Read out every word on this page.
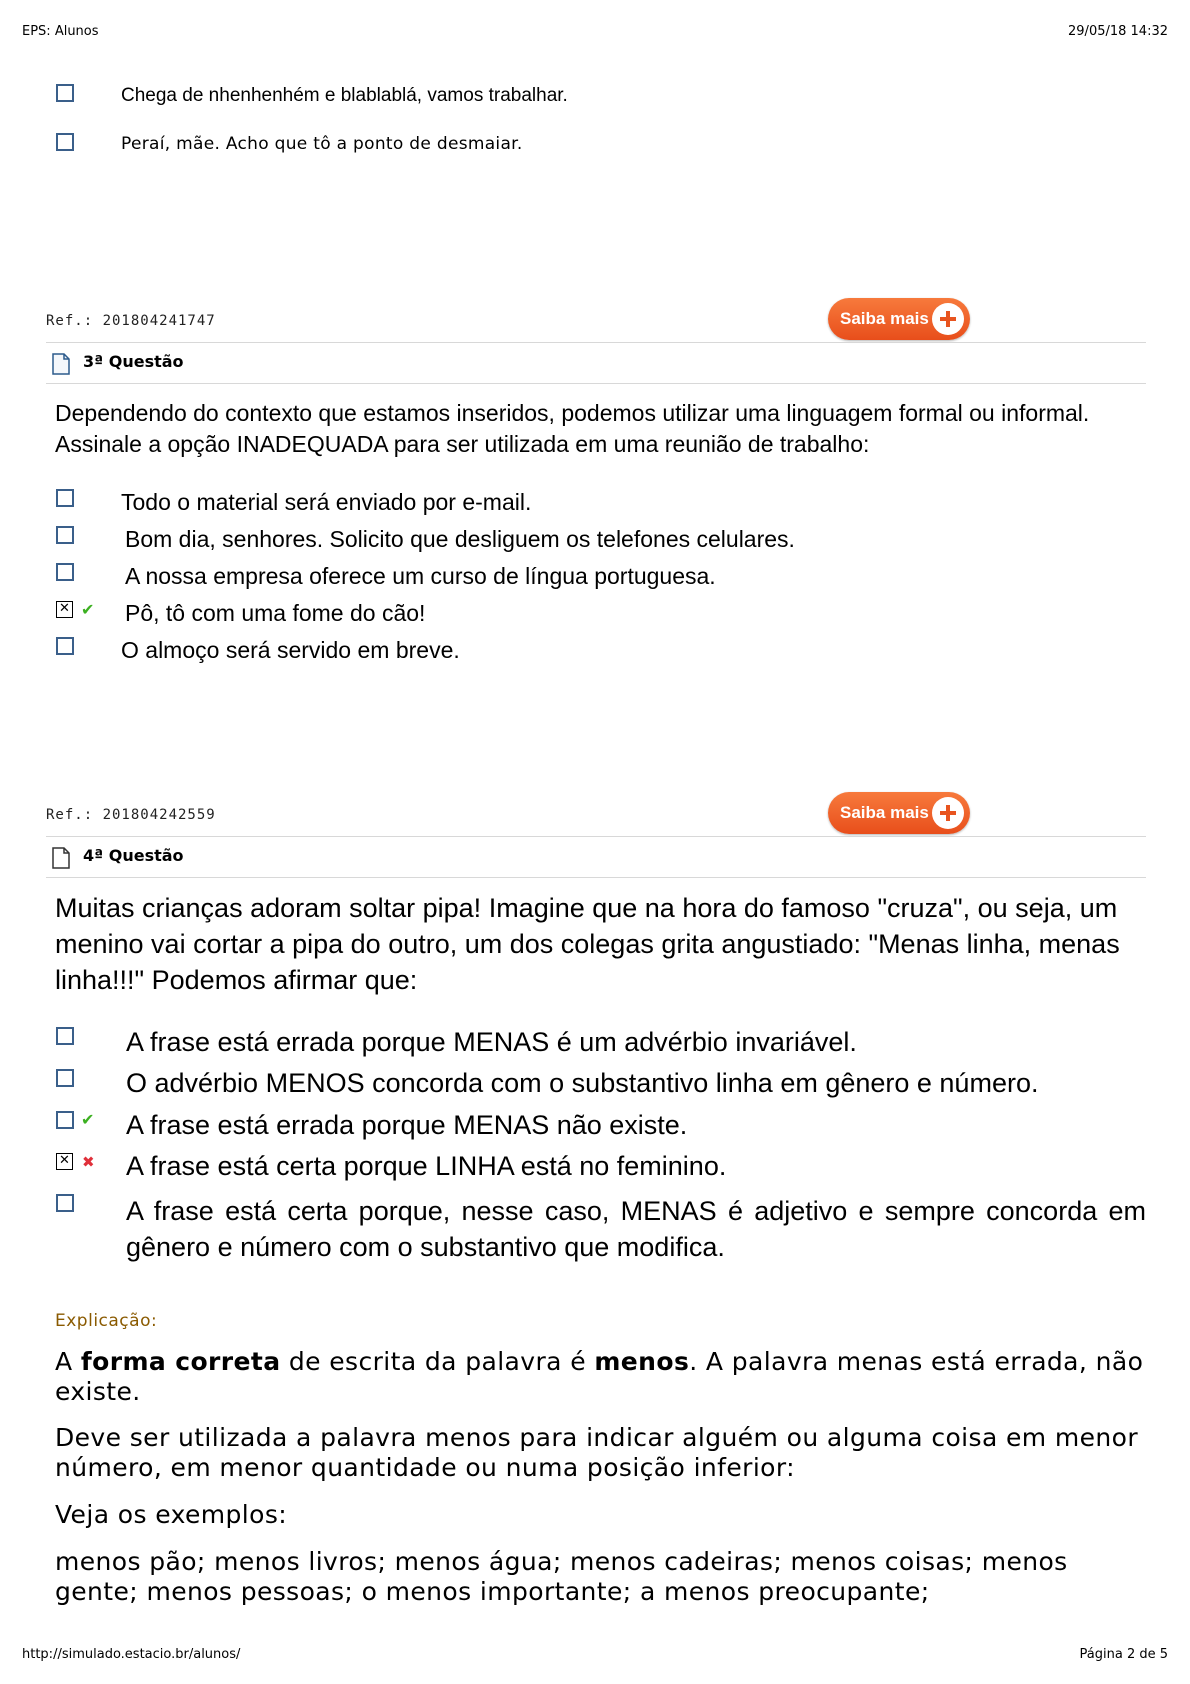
EPS: Alunos	29/05/18 14:32
http://simulado.estacio.br/alunos/	Página 2 de 5
Chega de nhenhenhém e blablablá, vamos trabalhar.
Peraí, mãe. Acho que tô a ponto de desmaiar.
Ref.: 201804241747	Saiba mais
3ª Questão
Dependendo do contexto que estamos inseridos, podemos utilizar uma linguagem formal ou informal. Assinale a opção INADEQUADA para ser utilizada em uma reunião de trabalho:
Todo o material será enviado por e-mail.
Bom dia, senhores. Solicito que desliguem os telefones celulares.
A nossa empresa oferece um curso de língua portuguesa.
✕ ✔ Pô, tô com uma fome do cão!
O almoço será servido em breve.
Ref.: 201804242559	Saiba mais
4ª Questão
Muitas crianças adoram soltar pipa! Imagine que na hora do famoso "cruza", ou seja, um menino vai cortar a pipa do outro, um dos colegas grita angustiado: "Menas linha, menas linha!!!" Podemos afirmar que:
A frase está errada porque MENAS é um advérbio invariável.
O advérbio MENOS concorda com o substantivo linha em gênero e número.
✔ A frase está errada porque MENAS não existe.
✕ ✖ A frase está certa porque LINHA está no feminino.
A frase está certa porque, nesse caso, MENAS é adjetivo e sempre concorda em gênero e número com o substantivo que modifica.
Explicação:
A forma correta de escrita da palavra é menos. A palavra menas está errada, não existe.
Deve ser utilizada a palavra menos para indicar alguém ou alguma coisa em menor número, em menor quantidade ou numa posição inferior:
Veja os exemplos:
menos pão; menos livros; menos água; menos cadeiras; menos coisas; menos gente; menos pessoas; o menos importante; a menos preocupante;
